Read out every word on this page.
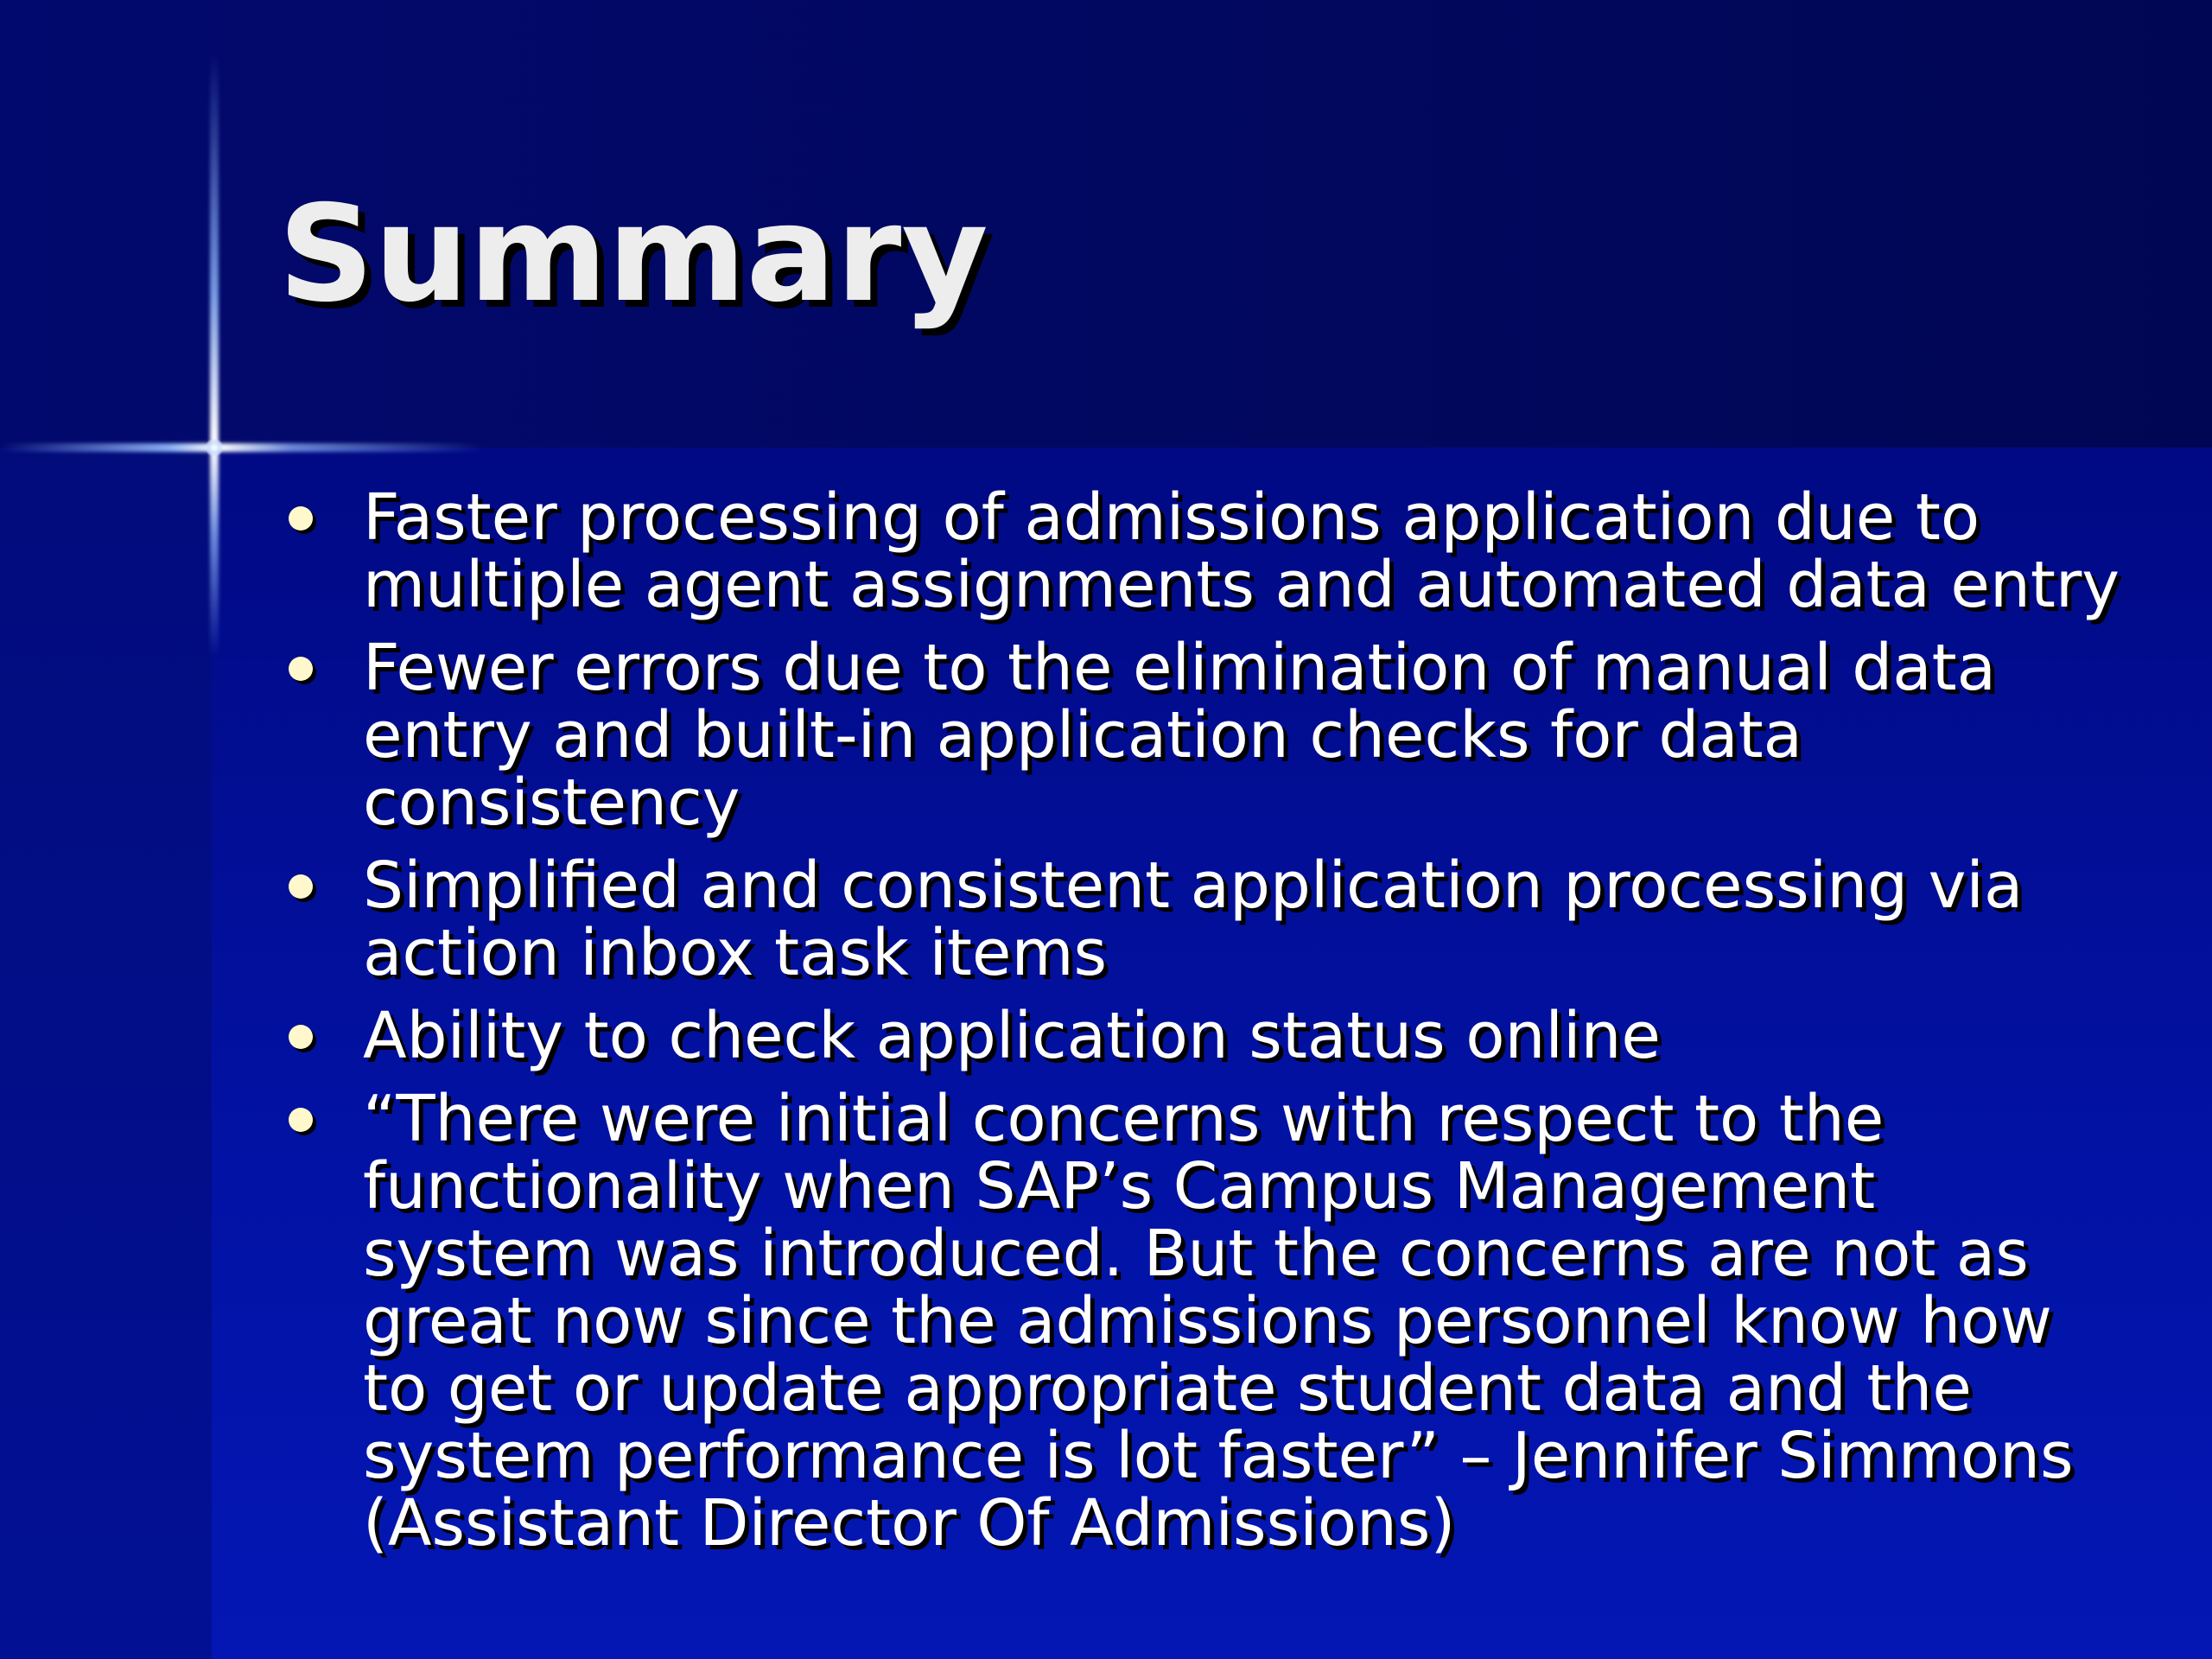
Summary
Faster processing of admissions application due to multiple agent assignments and automated data entry
Fewer errors due to the elimination of manual data entry and built-in application checks for data consistency
Simplified and consistent application processing via action inbox task items
Ability to check application status online
“There were initial concerns with respect to the functionality when SAP’s Campus Management system was introduced. But the concerns are not as great now since the admissions personnel know how to get or update appropriate student data and the system performance is lot faster” – Jennifer Simmons (Assistant Director Of Admissions)
